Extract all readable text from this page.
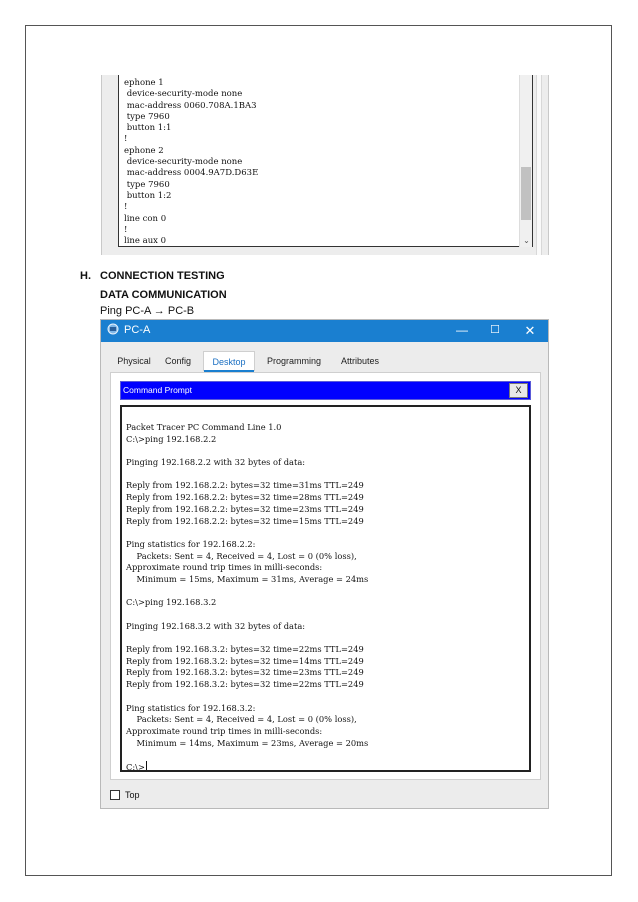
ephone 1
device-security-mode none
mac-address 0060.708A.1BA3
type 7960
button 1:1
!
ephone 2
device-security-mode none
mac-address 0004.9A7D.D63E
type 7960
button 1:2
!
line con 0
!
line aux 0	⌄
H. CONNECTION TESTING
DATA COMMUNICATION
Ping PC-A → PC-B
PC-A	—	☐	✕
Physical	Config	Desktop	Programming	Attributes
Command Prompt	X
Packet Tracer PC Command Line 1.0
C:\>ping 192.168.2.2
Pinging 192.168.2.2 with 32 bytes of data:
Reply from 192.168.2.2: bytes=32 time=31ms TTL=249
Reply from 192.168.2.2: bytes=32 time=28ms TTL=249
Reply from 192.168.2.2: bytes=32 time=23ms TTL=249
Reply from 192.168.2.2: bytes=32 time=15ms TTL=249
Ping statistics for 192.168.2.2:
Packets: Sent = 4, Received = 4, Lost = 0 (0% loss),
Approximate round trip times in milli-seconds:
Minimum = 15ms, Maximum = 31ms, Average = 24ms
C:\>ping 192.168.3.2
Pinging 192.168.3.2 with 32 bytes of data:
Reply from 192.168.3.2: bytes=32 time=22ms TTL=249
Reply from 192.168.3.2: bytes=32 time=14ms TTL=249
Reply from 192.168.3.2: bytes=32 time=23ms TTL=249
Reply from 192.168.3.2: bytes=32 time=22ms TTL=249
Ping statistics for 192.168.3.2:
Packets: Sent = 4, Received = 4, Lost = 0 (0% loss),
Approximate round trip times in milli-seconds:
Minimum = 14ms, Maximum = 23ms, Average = 20ms
C:\>
Top
